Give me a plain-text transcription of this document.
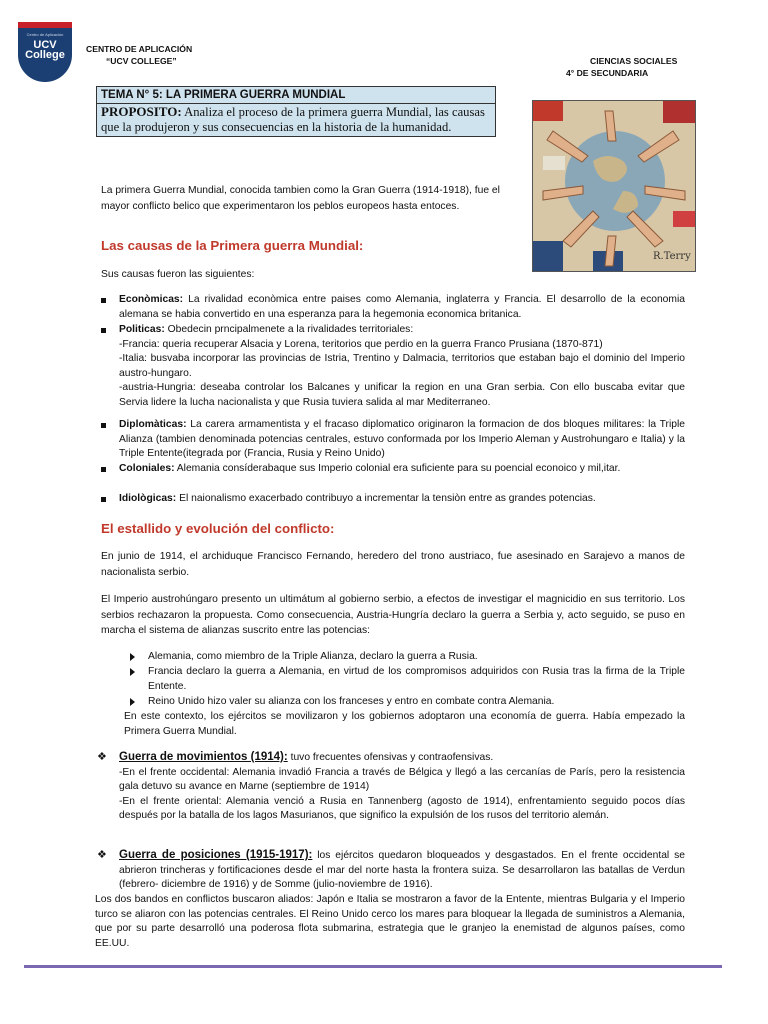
Centro de Aplicación
UCV College	CENTRO DE APLICACIÓN
“UCV COLLEGE”	CIENCIAS SOCIALES
4° DE SECUNDARIA
TEMA N° 5: LA PRIMERA GUERRA MUNDIAL
PROPOSITO: Analiza el proceso de la primera guerra Mundial, las causas que la produjeron y sus consecuencias en la historia de la humanidad.
R.Terry
La primera Guerra Mundial, conocida tambien como la Gran Guerra (1914-1918), fue el mayor conflicto belico que experimentaron los peblos europeos hasta entoces.
Las causas de la Primera guerra Mundial:
Sus causas fueron las siguientes:
Econòmicas: La rivalidad econòmica entre paises como Alemania, inglaterra y Francia. El desarrollo de la economia alemana se habia convertido en una esperanza para la hegemonia economica britanica.
Politicas: Obedecin prncipalmenete a la rivalidades territoriales:
-Francia: queria recuperar Alsacia y Lorena, teritorios que perdio en la guerra Franco Prusiana (1870-871)
-Italia: busvaba incorporar las provincias de Istria, Trentino y Dalmacia, territorios que estaban bajo el dominio del Imperio austro-hungaro.
-austria-Hungria: deseaba controlar los Balcanes y unificar la region en una Gran serbia. Con ello buscaba evitar que Servia lidere la lucha nacionalista y que Rusia tuviera salida al mar Mediterraneo.
Diplomàticas: La carera armamentista y el fracaso diplomatico originaron la formacion de dos bloques militares: la Triple Alianza (tambien denominada potencias centrales, estuvo conformada por los Imperio Aleman y Austrohungaro e Italia) y la Triple Entente(itegrada por (Francia, Rusia y Reino Unido)
Coloniales: Alemania consíderabaque sus Imperio colonial era suficiente para su poencial econoico y mil,itar.
Idiològicas: El naionalismo exacerbado contribuyo a incrementar la tensiòn entre as grandes potencias.
El estallido y evolución del conflicto:
En junio de 1914, el archiduque Francisco Fernando, heredero del trono austriaco, fue asesinado en Sarajevo a manos de nacionalista serbio.
El Imperio austrohúngaro presento un ultimátum al gobierno serbio, a efectos de investigar el magnicidio en sus territorio. Los serbios rechazaron la propuesta. Como consecuencia, Austria-Hungría declaro la guerra a Serbia y, acto seguido, se puso en marcha el sistema de alianzas suscrito entre las potencias:
Alemania, como miembro de la Triple Alianza, declaro la guerra a Rusia.
Francia declaro la guerra a Alemania, en virtud de los compromisos adquiridos con Rusia tras la firma de la Triple Entente.
Reino Unido hizo valer su alianza con los franceses y entro en combate contra Alemania.
En este contexto, los ejércitos se movilizaron y los gobiernos adoptaron una economía de guerra. Había empezado la Primera Guerra Mundial.
❖ Guerra de movimientos (1914): tuvo frecuentes ofensivas y contraofensivas.
-En el frente occidental: Alemania invadió Francia a través de Bélgica y llegó a las cercanías de París, pero la resistencia gala detuvo su avance en Marne (septiembre de 1914)
-En el frente oriental: Alemania venció a Rusia en Tannenberg (agosto de 1914), enfrentamiento seguido pocos días después por la batalla de los lagos Masurianos, que significo la expulsión de los rusos del territorio alemán.
❖ Guerra de posiciones (1915-1917): los ejércitos quedaron bloqueados y desgastados. En el frente occidental se abrieron trincheras y fortificaciones desde el mar del norte hasta la frontera suiza. Se desarrollaron las batallas de Verdun (febrero- diciembre de 1916) y de Somme (julio-noviembre de 1916).
Los dos bandos en conflictos buscaron aliados: Japón e Italia se mostraron a favor de la Entente, mientras Bulgaria y el Imperio turco se aliaron con las potencias centrales. El Reino Unido cerco los mares para bloquear la llegada de suministros a Alemania, que por su parte desarrolló una poderosa flota submarina, estrategia que le granjeo la enemistad de algunos países, como EE.UU.
